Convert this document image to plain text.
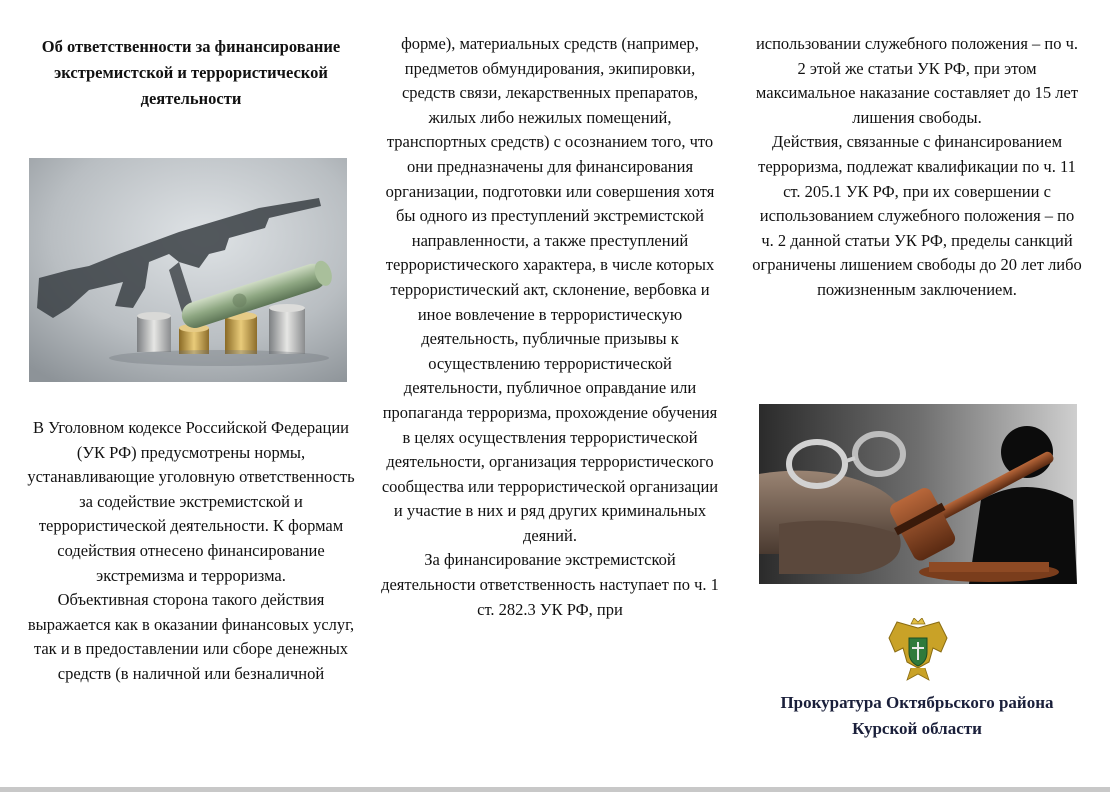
Об ответственности за финансирование экстремистской и террористической деятельности

В Уголовном кодексе Российской Федерации (УК РФ) предусмотрены нормы, устанавливающие уголовную ответственность за содействие экстремистской и террористической деятельности. К формам содействия отнесено финансирование экстремизма и терроризма.

Объективная сторона такого действия выражается как в оказании финансовых услуг, так и в предоставлении или сборе денежных средств (в наличной или безналичной

форме), материальных средств (например, предметов обмундирования, экипировки, средств связи, лекарственных препаратов, жилых либо нежилых помещений, транспортных средств) с осознанием того, что они предназначены для финансирования организации, подготовки или совершения хотя бы одного из преступлений экстремистской направленности, а также преступлений террористического характера, в числе которых террористический акт, склонение, вербовка и иное вовлечение в террористическую деятельность, публичные призывы к осуществлению террористической деятельности, публичное оправдание или пропаганда терроризма, прохождение обучения в целях осуществления террористической деятельности, организация террористического сообщества или террористической организации и участие в них и ряд других криминальных деяний.

За финансирование экстремистской деятельности ответственность наступает по ч. 1 ст. 282.3 УК РФ, при

использовании служебного положения – по ч. 2 этой же статьи УК РФ, при этом максимальное наказание составляет до 15 лет лишения свободы.

Действия, связанные с финансированием терроризма, подлежат квалификации по ч. 11 ст. 205.1 УК РФ, при их совершении с использованием служебного положения – по ч. 2 данной статьи УК РФ, пределы санкций ограничены лишением свободы до 20 лет либо пожизненным заключением.

Прокуратура Октябрьского района
Курской области
